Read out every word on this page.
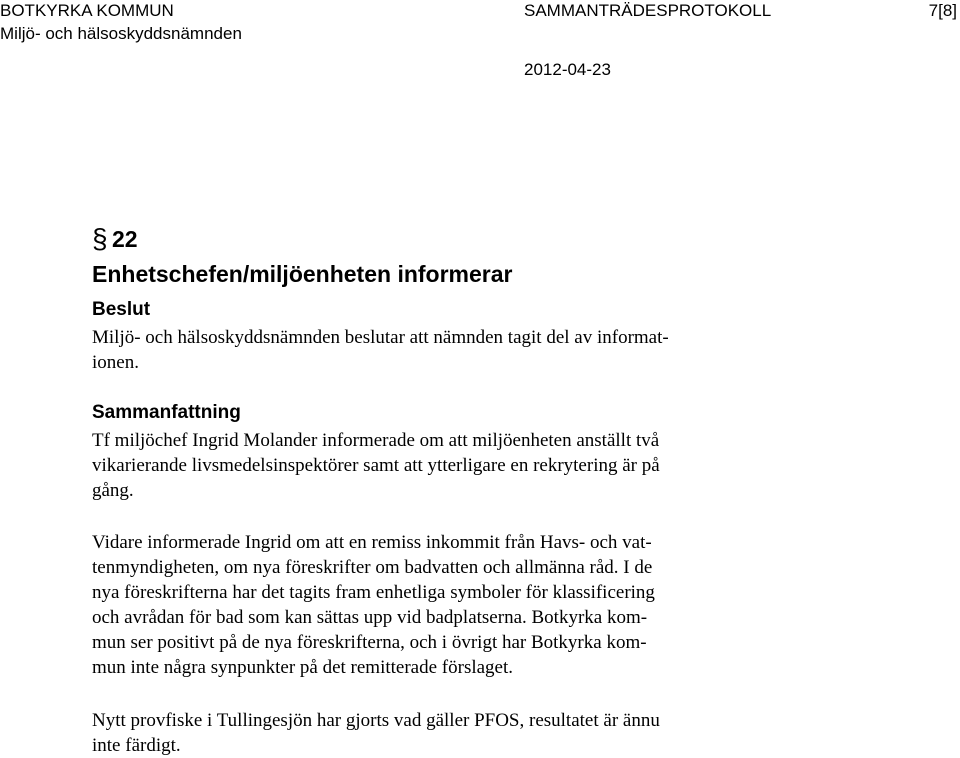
BOTKYRKA KOMMUN
Miljö- och hälsoskyddsnämnden
SAMMANTRÄDESPROTOKOLL	7[8]
2012-04-23
§ 22
Enhetschefen/miljöenheten informerar
Beslut
Miljö- och hälsoskyddsnämnden beslutar att nämnden tagit del av informat-
ionen.
Sammanfattning
Tf miljöchef Ingrid Molander informerade om att miljöenheten anställt två
vikarierande livsmedelsinspektörer samt att ytterligare en rekrytering är på
gång.
Vidare informerade Ingrid om att en remiss inkommit från Havs- och vat-
tenmyndigheten, om nya föreskrifter om badvatten och allmänna råd. I de
nya föreskrifterna har det tagits fram enhetliga symboler för klassificering
och avrådan för bad som kan sättas upp vid badplatserna. Botkyrka kom-
mun ser positivt på de nya föreskrifterna, och i övrigt har Botkyrka kom-
mun inte några synpunkter på det remitterade förslaget.
Nytt provfiske i Tullingesjön har gjorts vad gäller PFOS, resultatet är ännu
inte färdigt.
